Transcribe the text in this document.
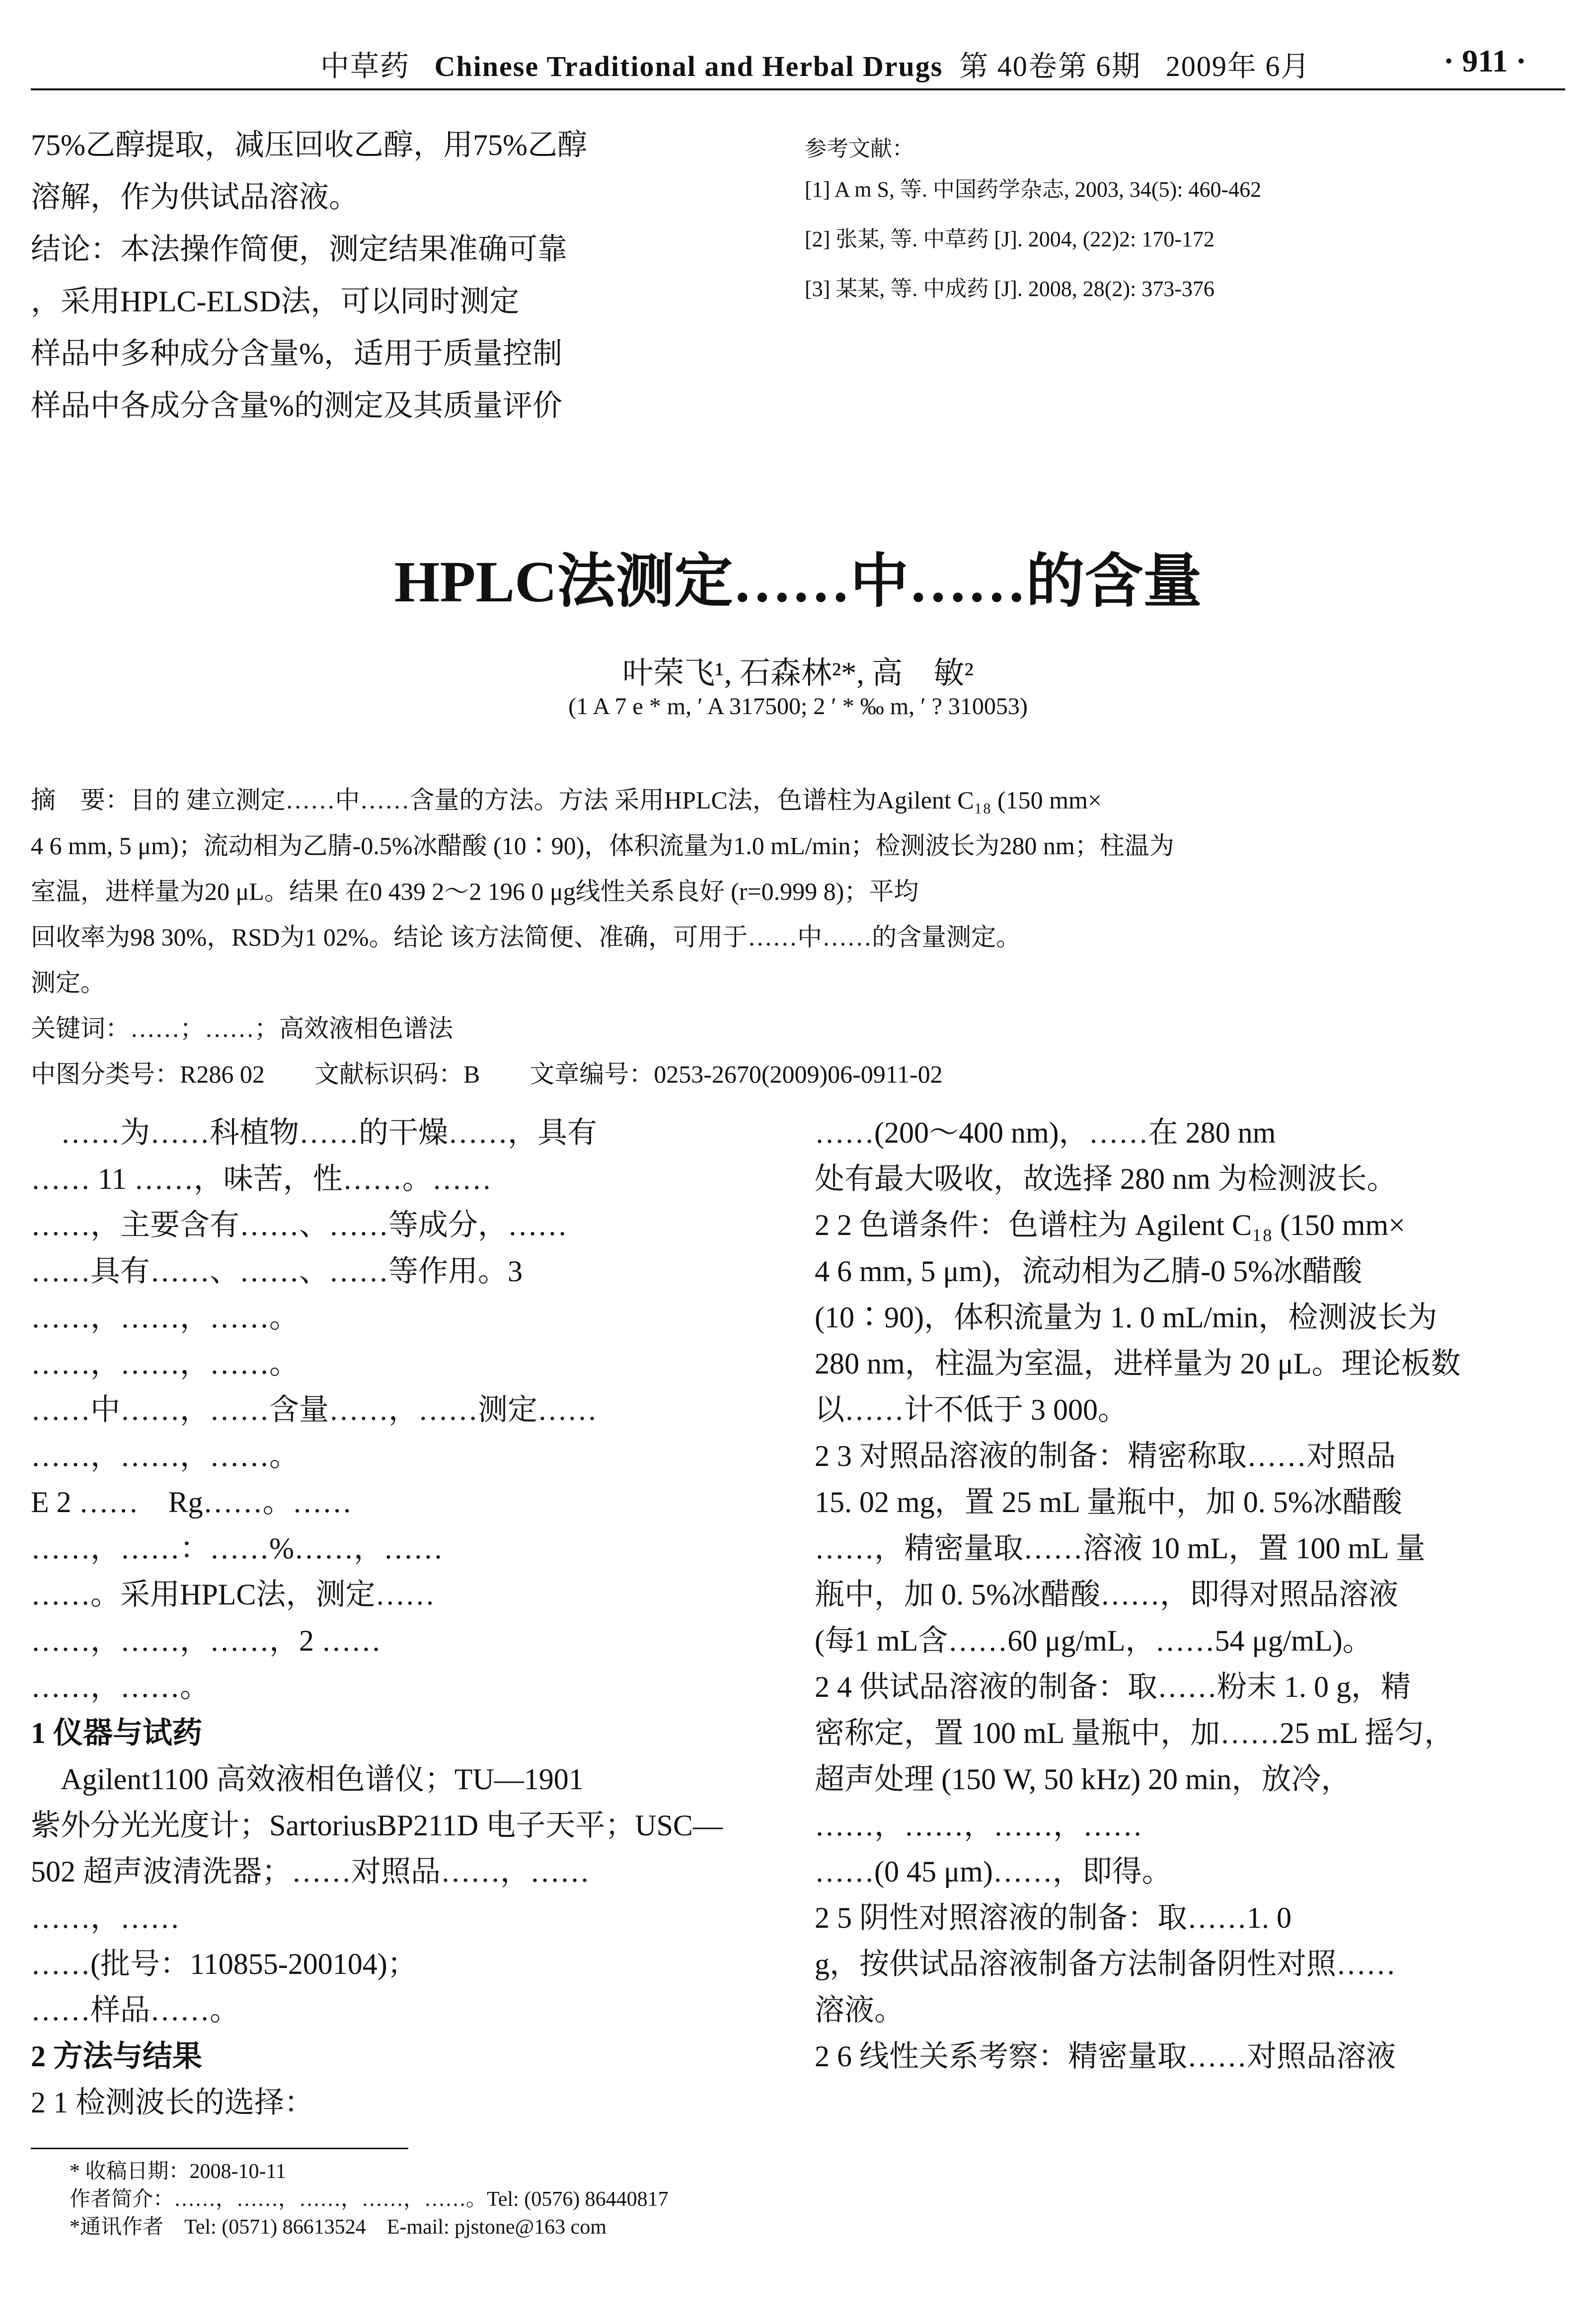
中草药 Chinese Traditional and Herbal Drugs  第 40卷第 6期   2009年 6月	· 911 ·

75%乙醇提取，减压回收乙醇，用75%乙醇

溶解，作为供试品溶液。

结论：本法操作简便，测定结果准确可靠

，采用HPLC-ELSD法，可以同时测定

样品中多种成分含量%，适用于质量控制

样品中各成分含量%的测定及其质量评价

参考文献：

[1] A m S, 等. 中国药学杂志, 2003, 34(5): 460-462

[2] 张某, 等. 中草药 [J]. 2004, (22)2: 170-172

[3] 某某, 等. 中成药 [J]. 2008, 28(2): 373-376

HPLC法测定……中……的含量
叶荣飞¹, 石森林²*, 高　敏²
(1 A 7 e * m, ′ A 317500; 2 ′ * ‰ m, ′ ? 310053)

摘　要：目的 建立测定……中……含量的方法。方法 采用HPLC法，色谱柱为Agilent C₁₈ (150 mm×

4 6 mm, 5 μm)；流动相为乙腈-0.5%冰醋酸 (10∶90)，体积流量为1.0 mL/min；检测波长为280 nm；柱温为

室温，进样量为20 μL。结果 在0 439 2～2 196 0 μg线性关系良好 (r=0.999 8)；平均

回收率为98 30%，RSD为1 02%。结论 该方法简便、准确，可用于……中……的含量测定。

测定。

关键词：……；……；高效液相色谱法

中图分类号：R286 02　　文献标识码：B　　文章编号：0253-2670(2009)06-0911-02

　……为……科植物……的干燥……，具有

…… 11 ……，味苦，性……。……

……，主要含有……、……等成分，……

……具有……、……、……等作用。3

……，……，……。

……，……，……。

……中……，……含量……，……测定……

……，……，……。

E 2 ……　Rg……。……

……，……：……%……，……

……。采用HPLC法，测定……

……，……，……，2 ……

……，……。

1 仪器与试药

　Agilent1100 高效液相色谱仪；TU—1901

紫外分光光度计；SartoriusBP211D 电子天平；USC—

502 超声波清洗器；……对照品……，……

……，……

……(批号：110855-200104)；

……样品……。

2 方法与结果

2 1 检测波长的选择：

……(200～400 nm)，……在 280 nm

处有最大吸收，故选择 280 nm 为检测波长。

2 2 色谱条件：色谱柱为 Agilent C₁₈ (150 mm×

4 6 mm, 5 μm)，流动相为乙腈-0 5%冰醋酸

(10∶90)，体积流量为 1. 0 mL/min，检测波长为

280 nm，柱温为室温，进样量为 20 μL。理论板数

以……计不低于 3 000。

2 3 对照品溶液的制备：精密称取……对照品

15. 02 mg，置 25 mL 量瓶中，加 0. 5%冰醋酸

……，精密量取……溶液 10 mL，置 100 mL 量

瓶中，加 0. 5%冰醋酸……，即得对照品溶液

(每1 mL含……60 μg/mL，……54 μg/mL)。

2 4 供试品溶液的制备：取……粉末 1. 0 g，精

密称定，置 100 mL 量瓶中，加……25 mL 摇匀，

超声处理 (150 W, 50 kHz) 20 min，放冷，

……，……，……，……

……(0 45 μm)……，即得。

2 5 阴性对照溶液的制备：取……1. 0

g，按供试品溶液制备方法制备阴性对照……

溶液。

2 6 线性关系考察：精密量取……对照品溶液

* 收稿日期：2008-10-11

作者简介：……，……，……，……，……。Tel: (0576) 86440817

*通讯作者　Tel: (0571) 86613524　E-mail: pjstone@163 com
